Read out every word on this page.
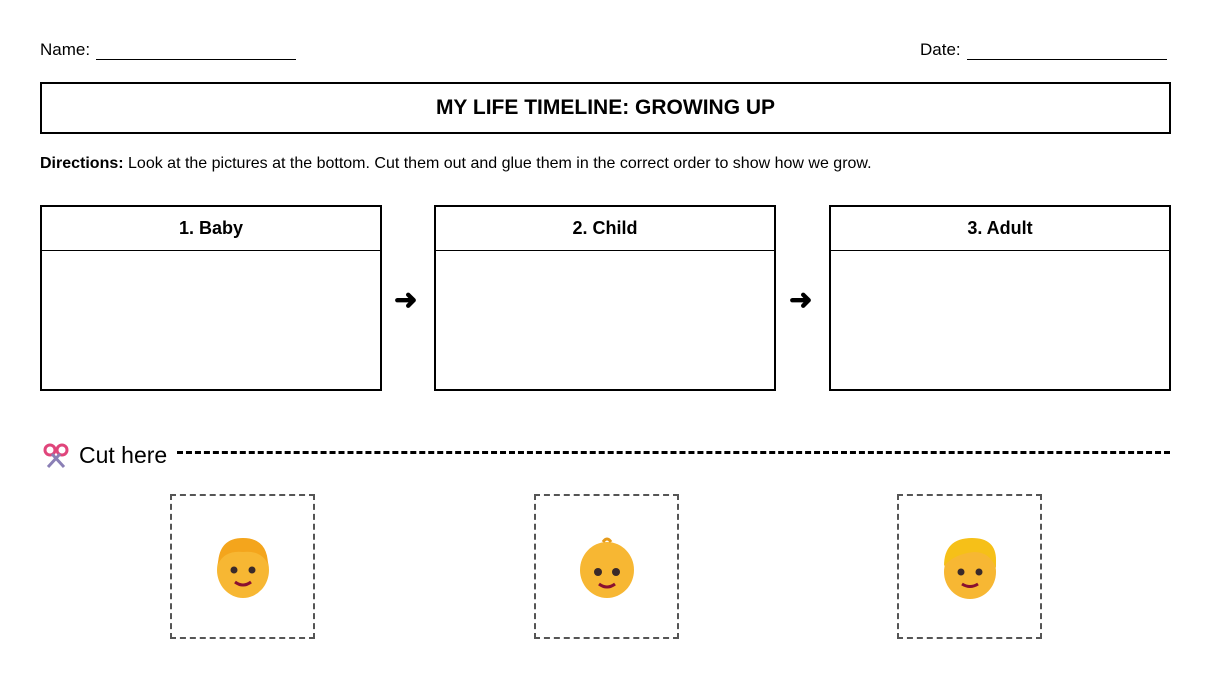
Name:	Date:
MY LIFE TIMELINE: GROWING UP
Directions: Look at the pictures at the bottom. Cut them out and glue them in the correct order to show how we grow.
1. Baby
➜
2. Child
➜
3. Adult
Cut here
